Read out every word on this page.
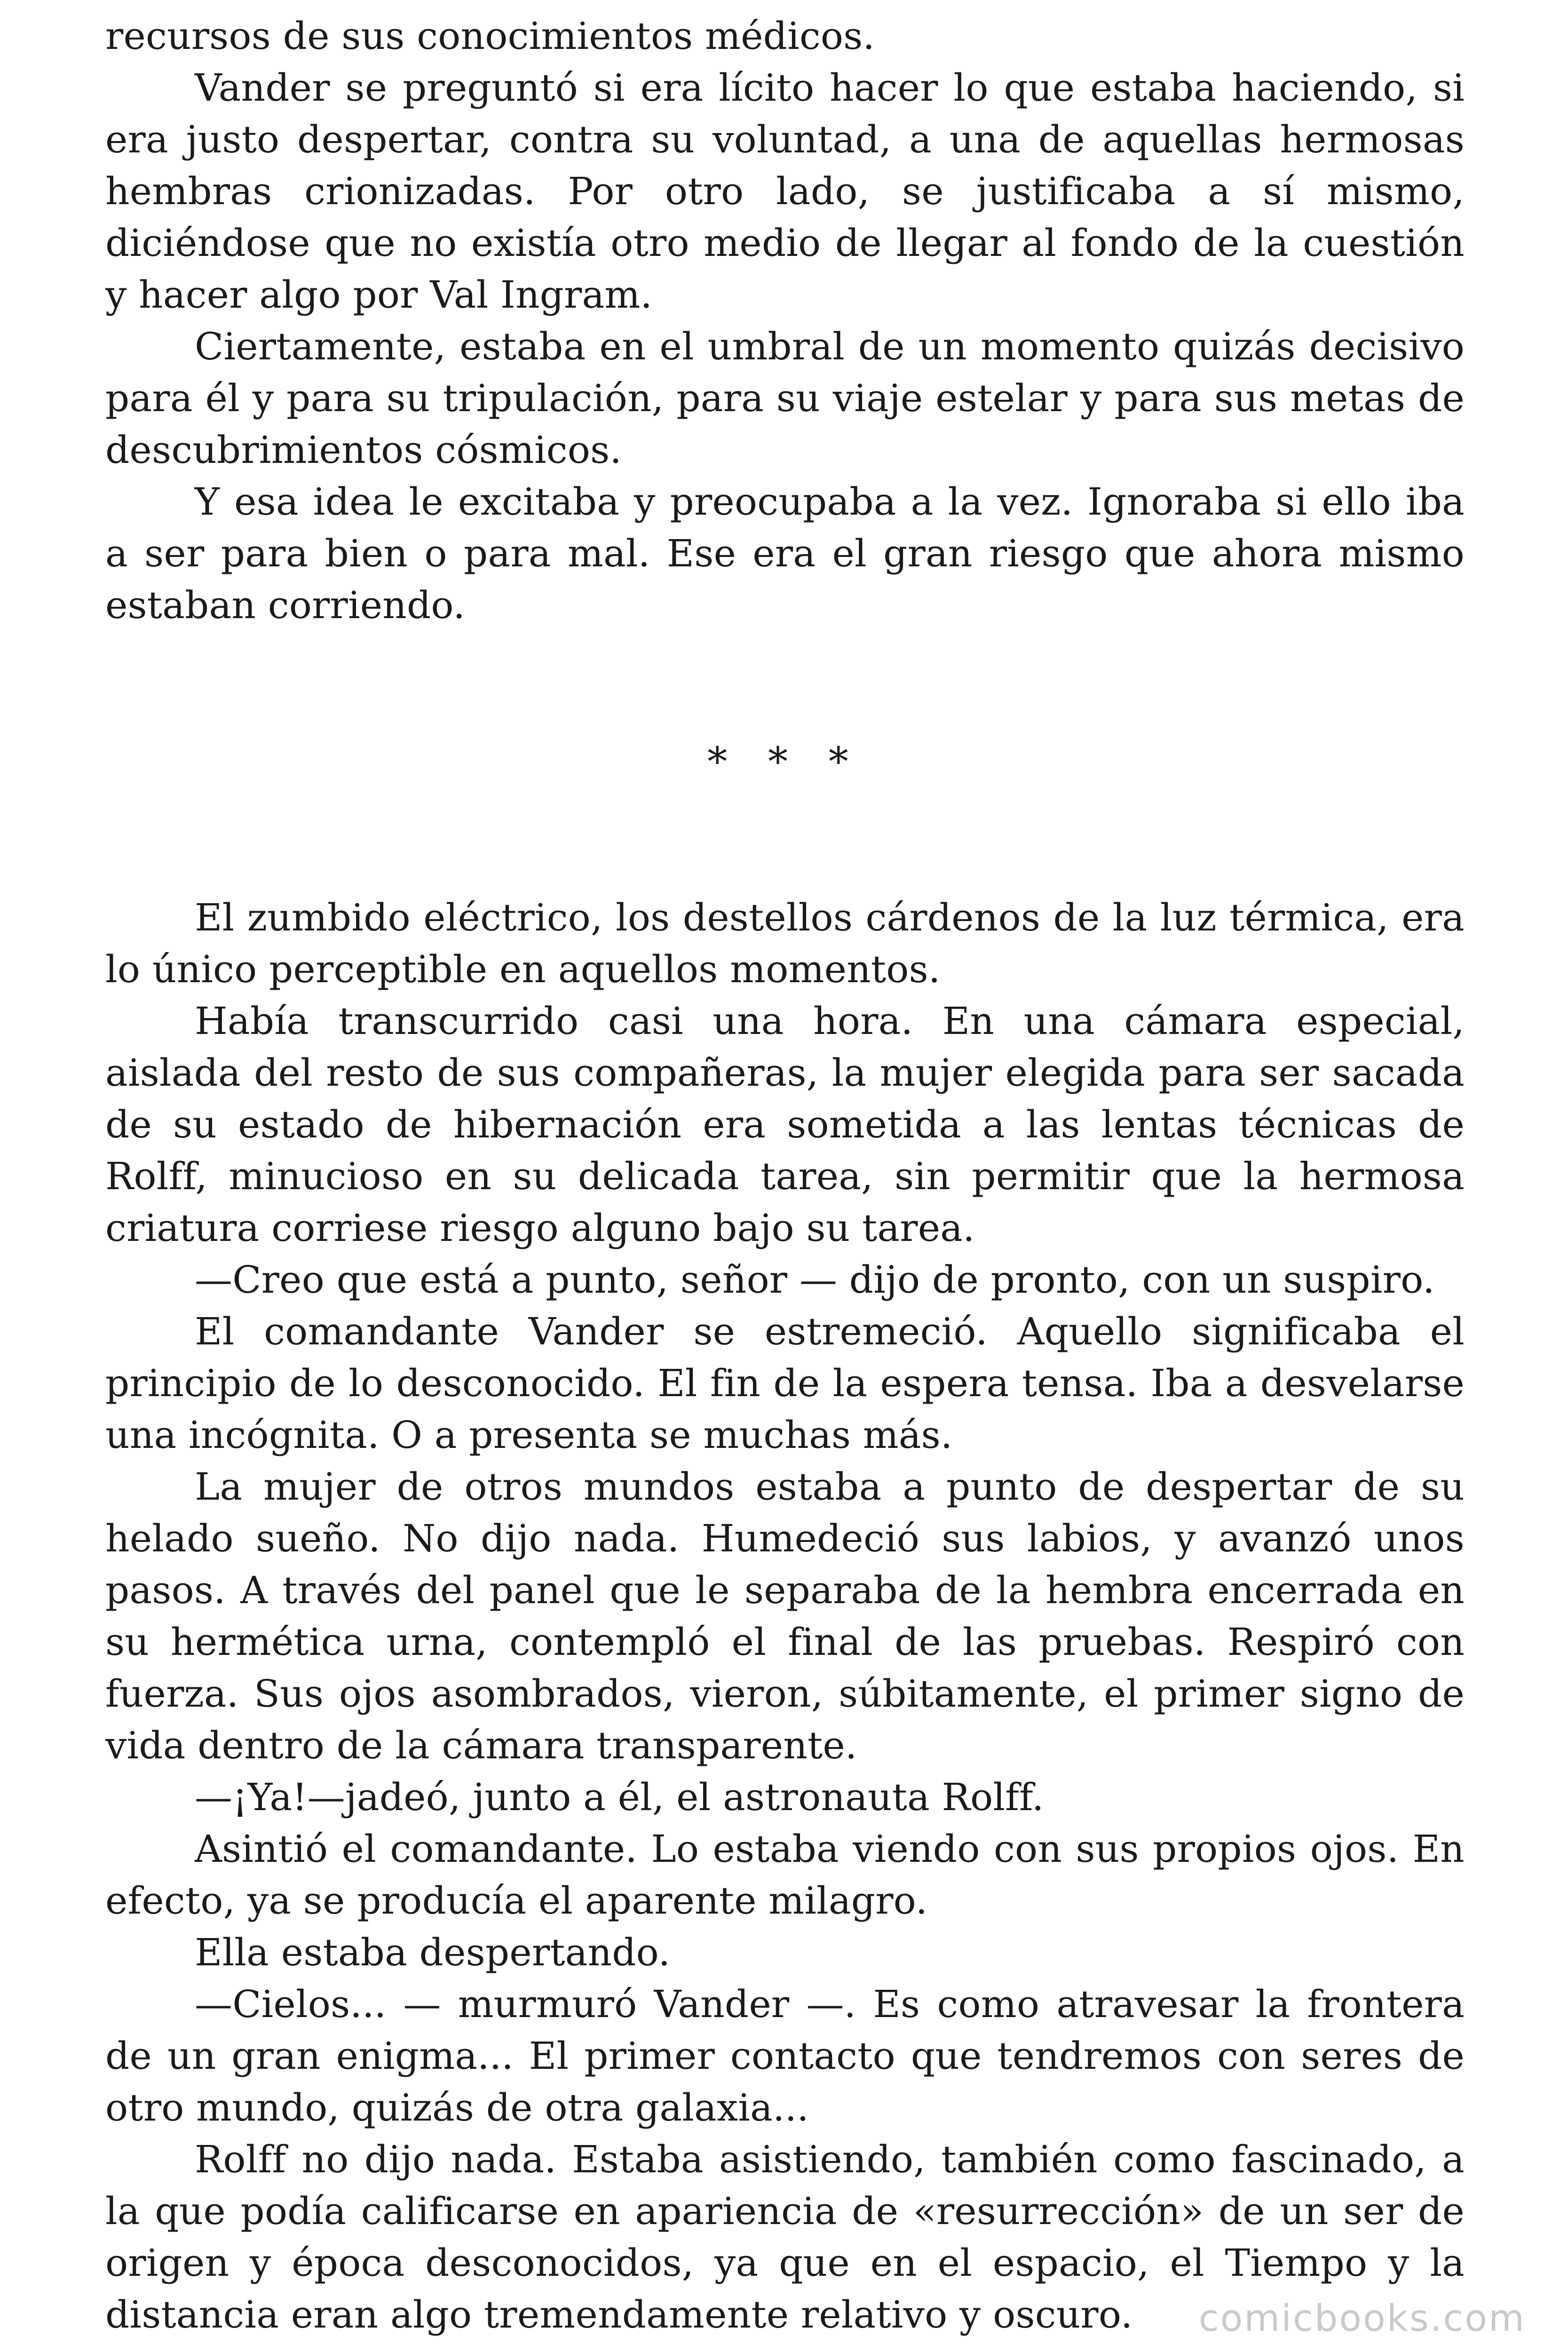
recursos de sus conocimientos médicos.

Vander se preguntó si era lícito hacer lo que estaba haciendo, si era justo despertar, contra su voluntad, a una de aquellas hermosas hembras crionizadas. Por otro lado, se justificaba a sí mismo, diciéndose que no existía otro medio de llegar al fondo de la cuestión y hacer algo por Val Ingram.

Ciertamente, estaba en el umbral de un momento quizás decisivo para él y para su tripulación, para su viaje estelar y para sus metas de descubrimientos cósmicos.

Y esa idea le excitaba y preocupaba a la vez. Ignoraba si ello iba a ser para bien o para mal. Ese era el gran riesgo que ahora mismo estaban corriendo.

* * *

El zumbido eléctrico, los destellos cárdenos de la luz térmica, era lo único perceptible en aquellos momentos.

Había transcurrido casi una hora. En una cámara especial, aislada del resto de sus compañeras, la mujer elegida para ser sacada de su estado de hibernación era sometida a las lentas técnicas de Rolff, minucioso en su delicada tarea, sin permitir que la hermosa criatura corriese riesgo alguno bajo su tarea.

—Creo que está a punto, señor — dijo de pronto, con un suspiro.

El comandante Vander se estremeció. Aquello significaba el principio de lo desconocido. El fin de la espera tensa. Iba a desvelarse una incógnita. O a presenta se muchas más.

La mujer de otros mundos estaba a punto de despertar de su helado sueño. No dijo nada. Humedeció sus labios, y avanzó unos pasos. A través del panel que le separaba de la hembra encerrada en su hermética urna, contempló el final de las pruebas. Respiró con fuerza. Sus ojos asombrados, vieron, súbitamente, el primer signo de vida dentro de la cámara transparente.

—¡Ya!—jadeó, junto a él, el astronauta Rolff.

Asintió el comandante. Lo estaba viendo con sus propios ojos. En efecto, ya se producía el aparente milagro.

Ella estaba despertando.

—Cielos... — murmuró Vander —. Es como atravesar la frontera de un gran enigma... El primer contacto que tendremos con seres de otro mundo, quizás de otra galaxia...

Rolff no dijo nada. Estaba asistiendo, también como fascinado, a la que podía calificarse en apariencia de «resurrección» de un ser de origen y época desconocidos, ya que en el espacio, el Tiempo y la distancia eran algo tremendamente relativo y oscuro.	comicbooks.com
